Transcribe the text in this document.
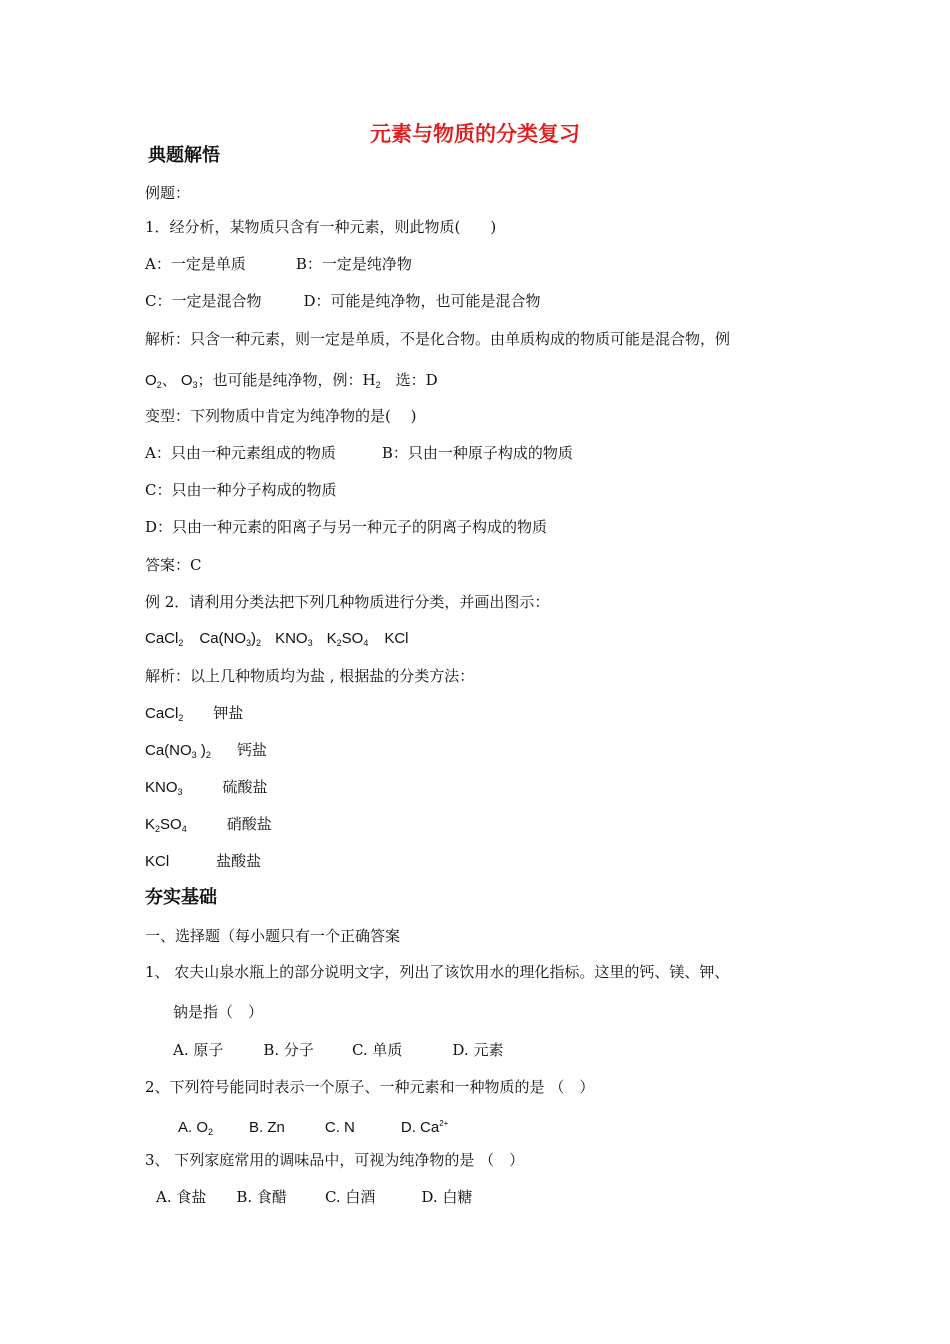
元素与物质的分类复习
典题解悟
例题：
1．经分析，某物质只含有一种元素，则此物质(　　)
A：一定是单质	B：一定是纯净物
C：一定是混合物	D：可能是纯净物，也可能是混合物
解析：只含一种元素，则一定是单质，不是化合物。由单质构成的物质可能是混合物，例
$O_2$、 $O_3$；也可能是纯净物，例：$H_2$　选：D
变型：下列物质中肯定为纯净物的是(　 )
A：只由一种元素组成的物质	B：只由一种原子构成的物质
C：只由一种分子构成的物质
D：只由一种元素的阳离子与另一种元子的阴离子构成的物质
答案：C
例 2．请利用分类法把下列几种物质进行分类，并画出图示：
CaCl$_2$ $Ca(NO_3)_2$ $KNO_3$ $K_2SO_4$ KCl
解析：以上几种物质均为盐 , 根据盐的分类方法：
CaCl$_2$ 钾盐
$Ca(NO_3$ )$_2$ 钙盐
$KNO_3$	硫酸盐
$K_2SO_4$	硝酸盐
KCl	盐酸盐
夯实基础
一、选择题（每小题只有一个正确答案
1、 农夫山泉水瓶上的部分说明文字，列出了该饮用水的理化指标。这里的钙、镁、钾、
钠是指（　）
A. 原子	B. 分子	C. 单质	D. 元素
2、下列符号能同时表示一个原子、一种元素和一种物质的是 （　）
A. $O_2$ B. Zn	C. N	D. $Ca^{2+}$
3、 下列家庭常用的调味品中，可视为纯净物的是 （　）
A. 食盐 B. 食醋	C. 白酒	D. 白糖
